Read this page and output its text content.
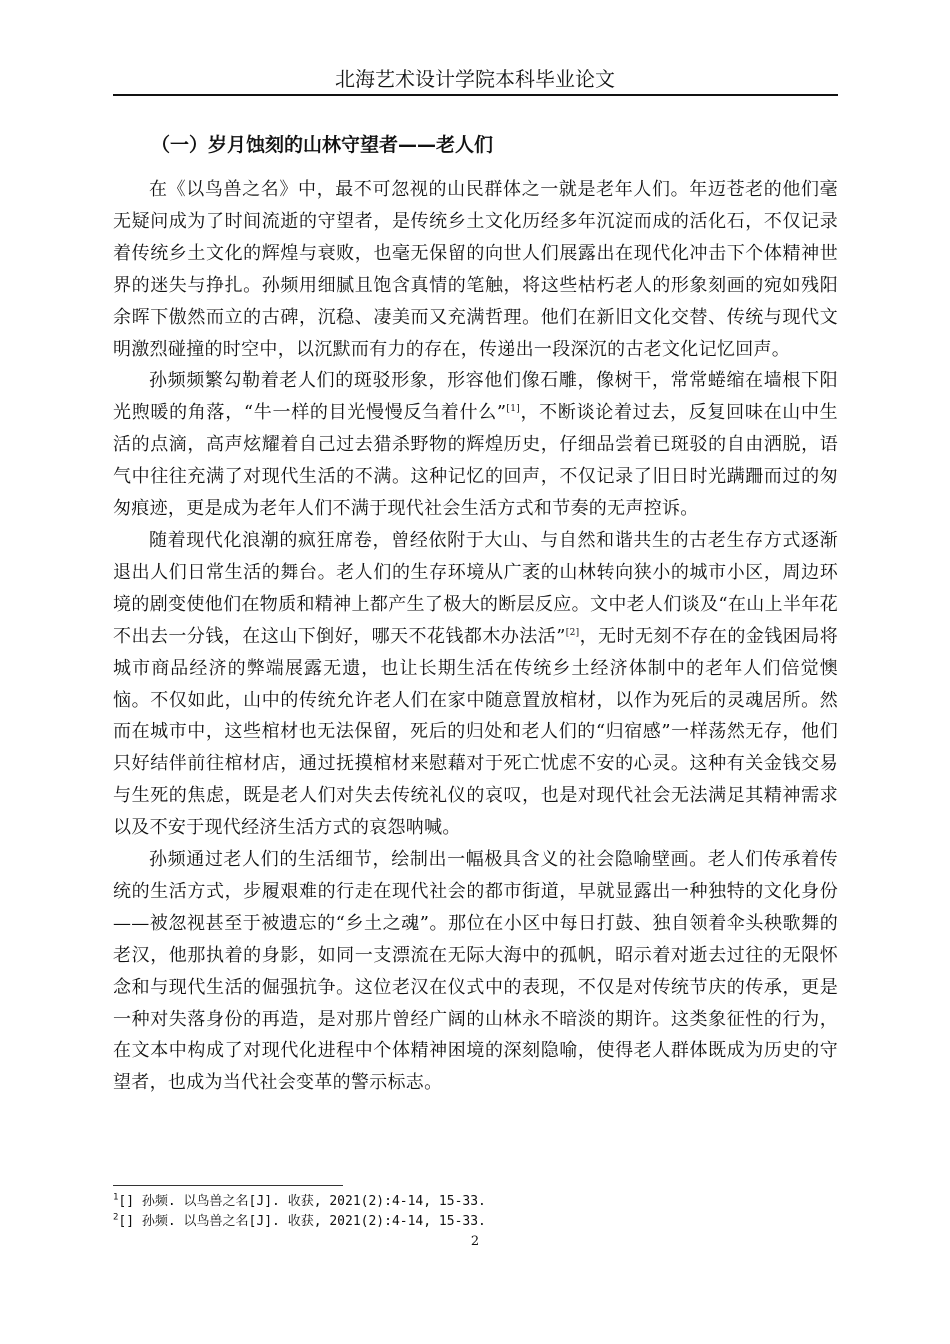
北海艺术设计学院本科毕业论文
（一）岁月蚀刻的山林守望者——老人们

在《以鸟兽之名》中，最不可忽视的山民群体之一就是老年人们。年迈苍老的他们毫无疑问成为了时间流逝的守望者，是传统乡土文化历经多年沉淀而成的活化石，不仅记录着传统乡土文化的辉煌与衰败，也毫无保留的向世人们展露出在现代化冲击下个体精神世界的迷失与挣扎。孙频用细腻且饱含真情的笔触，将这些枯朽老人的形象刻画的宛如残阳余晖下傲然而立的古碑，沉稳、凄美而又充满哲理。他们在新旧文化交替、传统与现代文明激烈碰撞的时空中，以沉默而有力的存在，传递出一段深沉的古老文化记忆回声。

孙频频繁勾勒着老人们的斑驳形象，形容他们像石雕，像树干，常常蜷缩在墙根下阳光煦暖的角落，“牛一样的目光慢慢反刍着什么”[1]，不断谈论着过去，反复回味在山中生活的点滴，高声炫耀着自己过去猎杀野物的辉煌历史，仔细品尝着已斑驳的自由洒脱，语气中往往充满了对现代生活的不满。这种记忆的回声，不仅记录了旧日时光蹒跚而过的匆匆痕迹，更是成为老年人们不满于现代社会生活方式和节奏的无声控诉。

随着现代化浪潮的疯狂席卷，曾经依附于大山、与自然和谐共生的古老生存方式逐渐退出人们日常生活的舞台。老人们的生存环境从广袤的山林转向狭小的城市小区，周边环境的剧变使他们在物质和精神上都产生了极大的断层反应。文中老人们谈及“在山上半年花不出去一分钱，在这山下倒好，哪天不花钱都木办法活”[2]，无时无刻不存在的金钱困局将城市商品经济的弊端展露无遗，也让长期生活在传统乡土经济体制中的老年人们倍觉懊恼。不仅如此，山中的传统允许老人们在家中随意置放棺材，以作为死后的灵魂居所。然而在城市中，这些棺材也无法保留，死后的归处和老人们的“归宿感”一样荡然无存，他们只好结伴前往棺材店，通过抚摸棺材来慰藉对于死亡忧虑不安的心灵。这种有关金钱交易与生死的焦虑，既是老人们对失去传统礼仪的哀叹，也是对现代社会无法满足其精神需求以及不安于现代经济生活方式的哀怨呐喊。

孙频通过老人们的生活细节，绘制出一幅极具含义的社会隐喻壁画。老人们传承着传统的生活方式，步履艰难的行走在现代社会的都市街道，早就显露出一种独特的文化身份——被忽视甚至于被遗忘的“乡土之魂”。那位在小区中每日打鼓、独自领着伞头秧歌舞的老汉，他那执着的身影，如同一支漂流在无际大海中的孤帆，昭示着对逝去过往的无限怀念和与现代生活的倔强抗争。这位老汉在仪式中的表现，不仅是对传统节庆的传承，更是一种对失落身份的再造，是对那片曾经广阔的山林永不暗淡的期许。这类象征性的行为，在文本中构成了对现代化进程中个体精神困境的深刻隐喻，使得老人群体既成为历史的守望者，也成为当代社会变革的警示标志。

$^1$[] 孙频. 以鸟兽之名[J]. 收获, 2021(2):4-14, 15-33.
$^2$[] 孙频. 以鸟兽之名[J]. 收获, 2021(2):4-14, 15-33.
2
